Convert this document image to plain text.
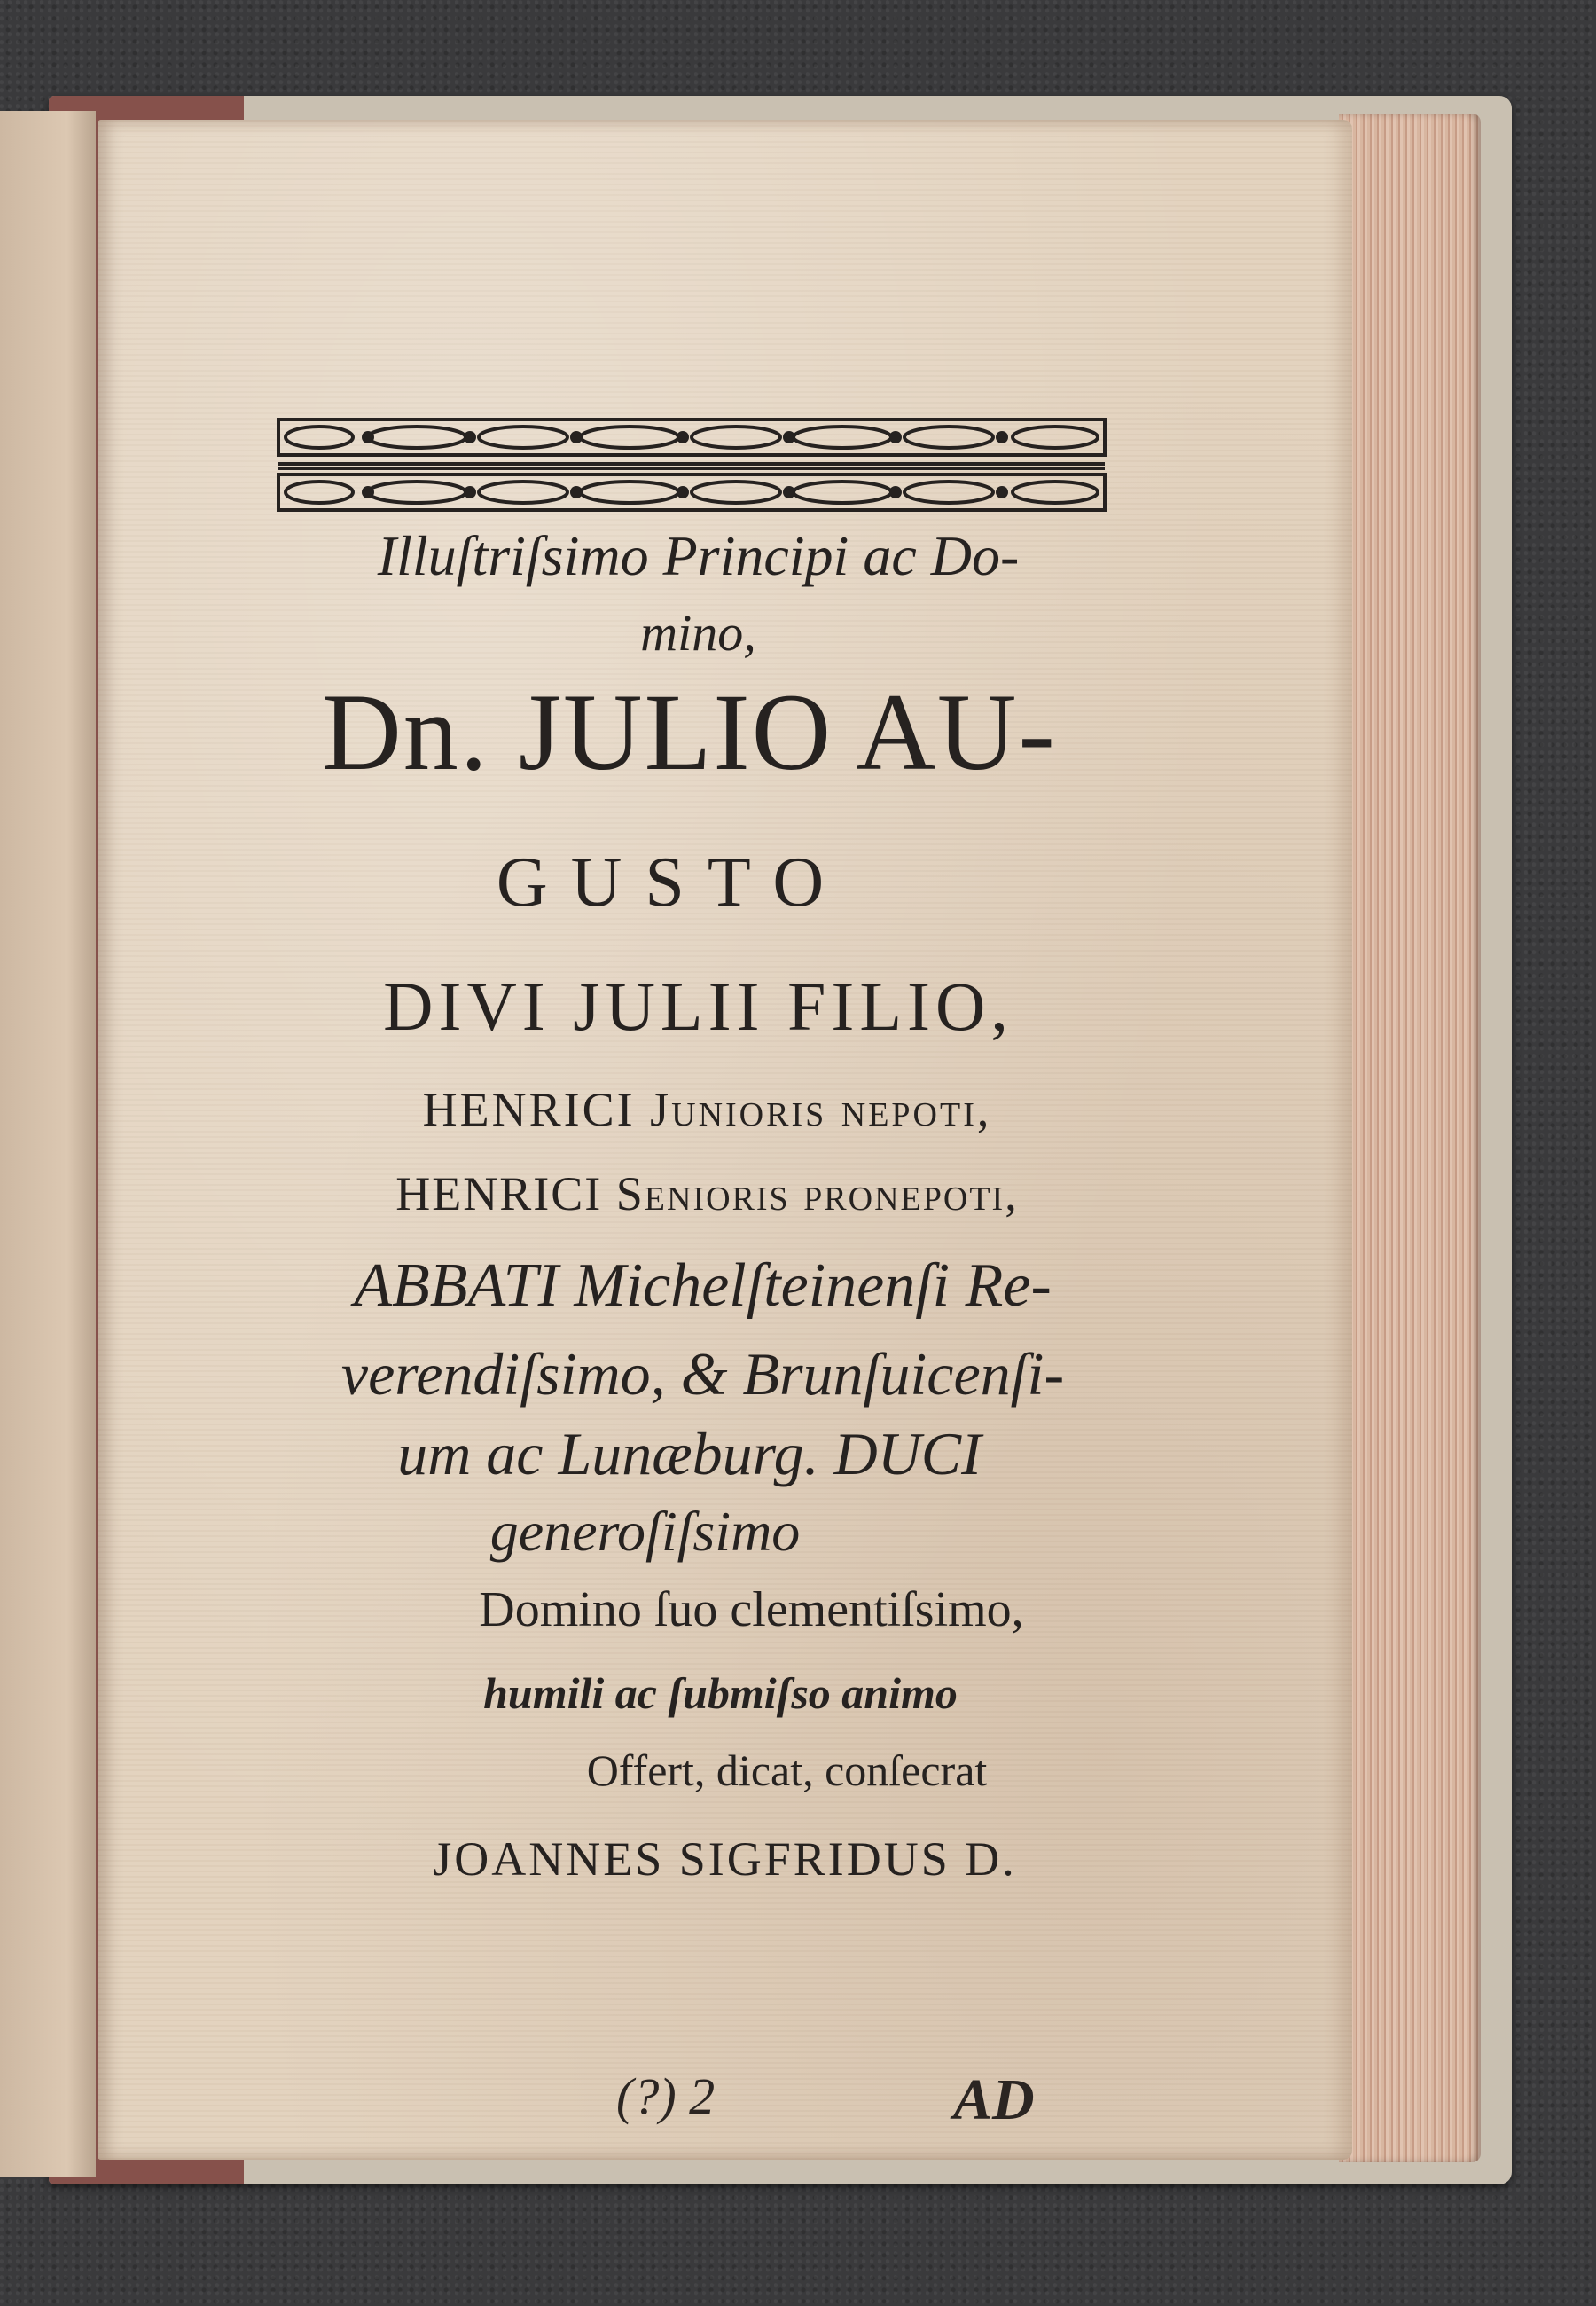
Illuſtriſsimo Principi ac Do-
mino,
Dn. JULIO AU-
GUSTO
DIVI JULII FILIO,
HENRICI Junioris nepoti,
HENRICI Senioris pronepoti,
ABBATI Michelſteinenſi Re-
verendiſsimo, & Brunſuicenſi-
um ac Lunæburg. DUCI
generoſiſsimo
Domino ſuo clementiſsimo,
humili ac ſubmiſso animo
Offert, dicat, conſecrat
JOANNES SIGFRIDUS D.
(?) 2	AD
